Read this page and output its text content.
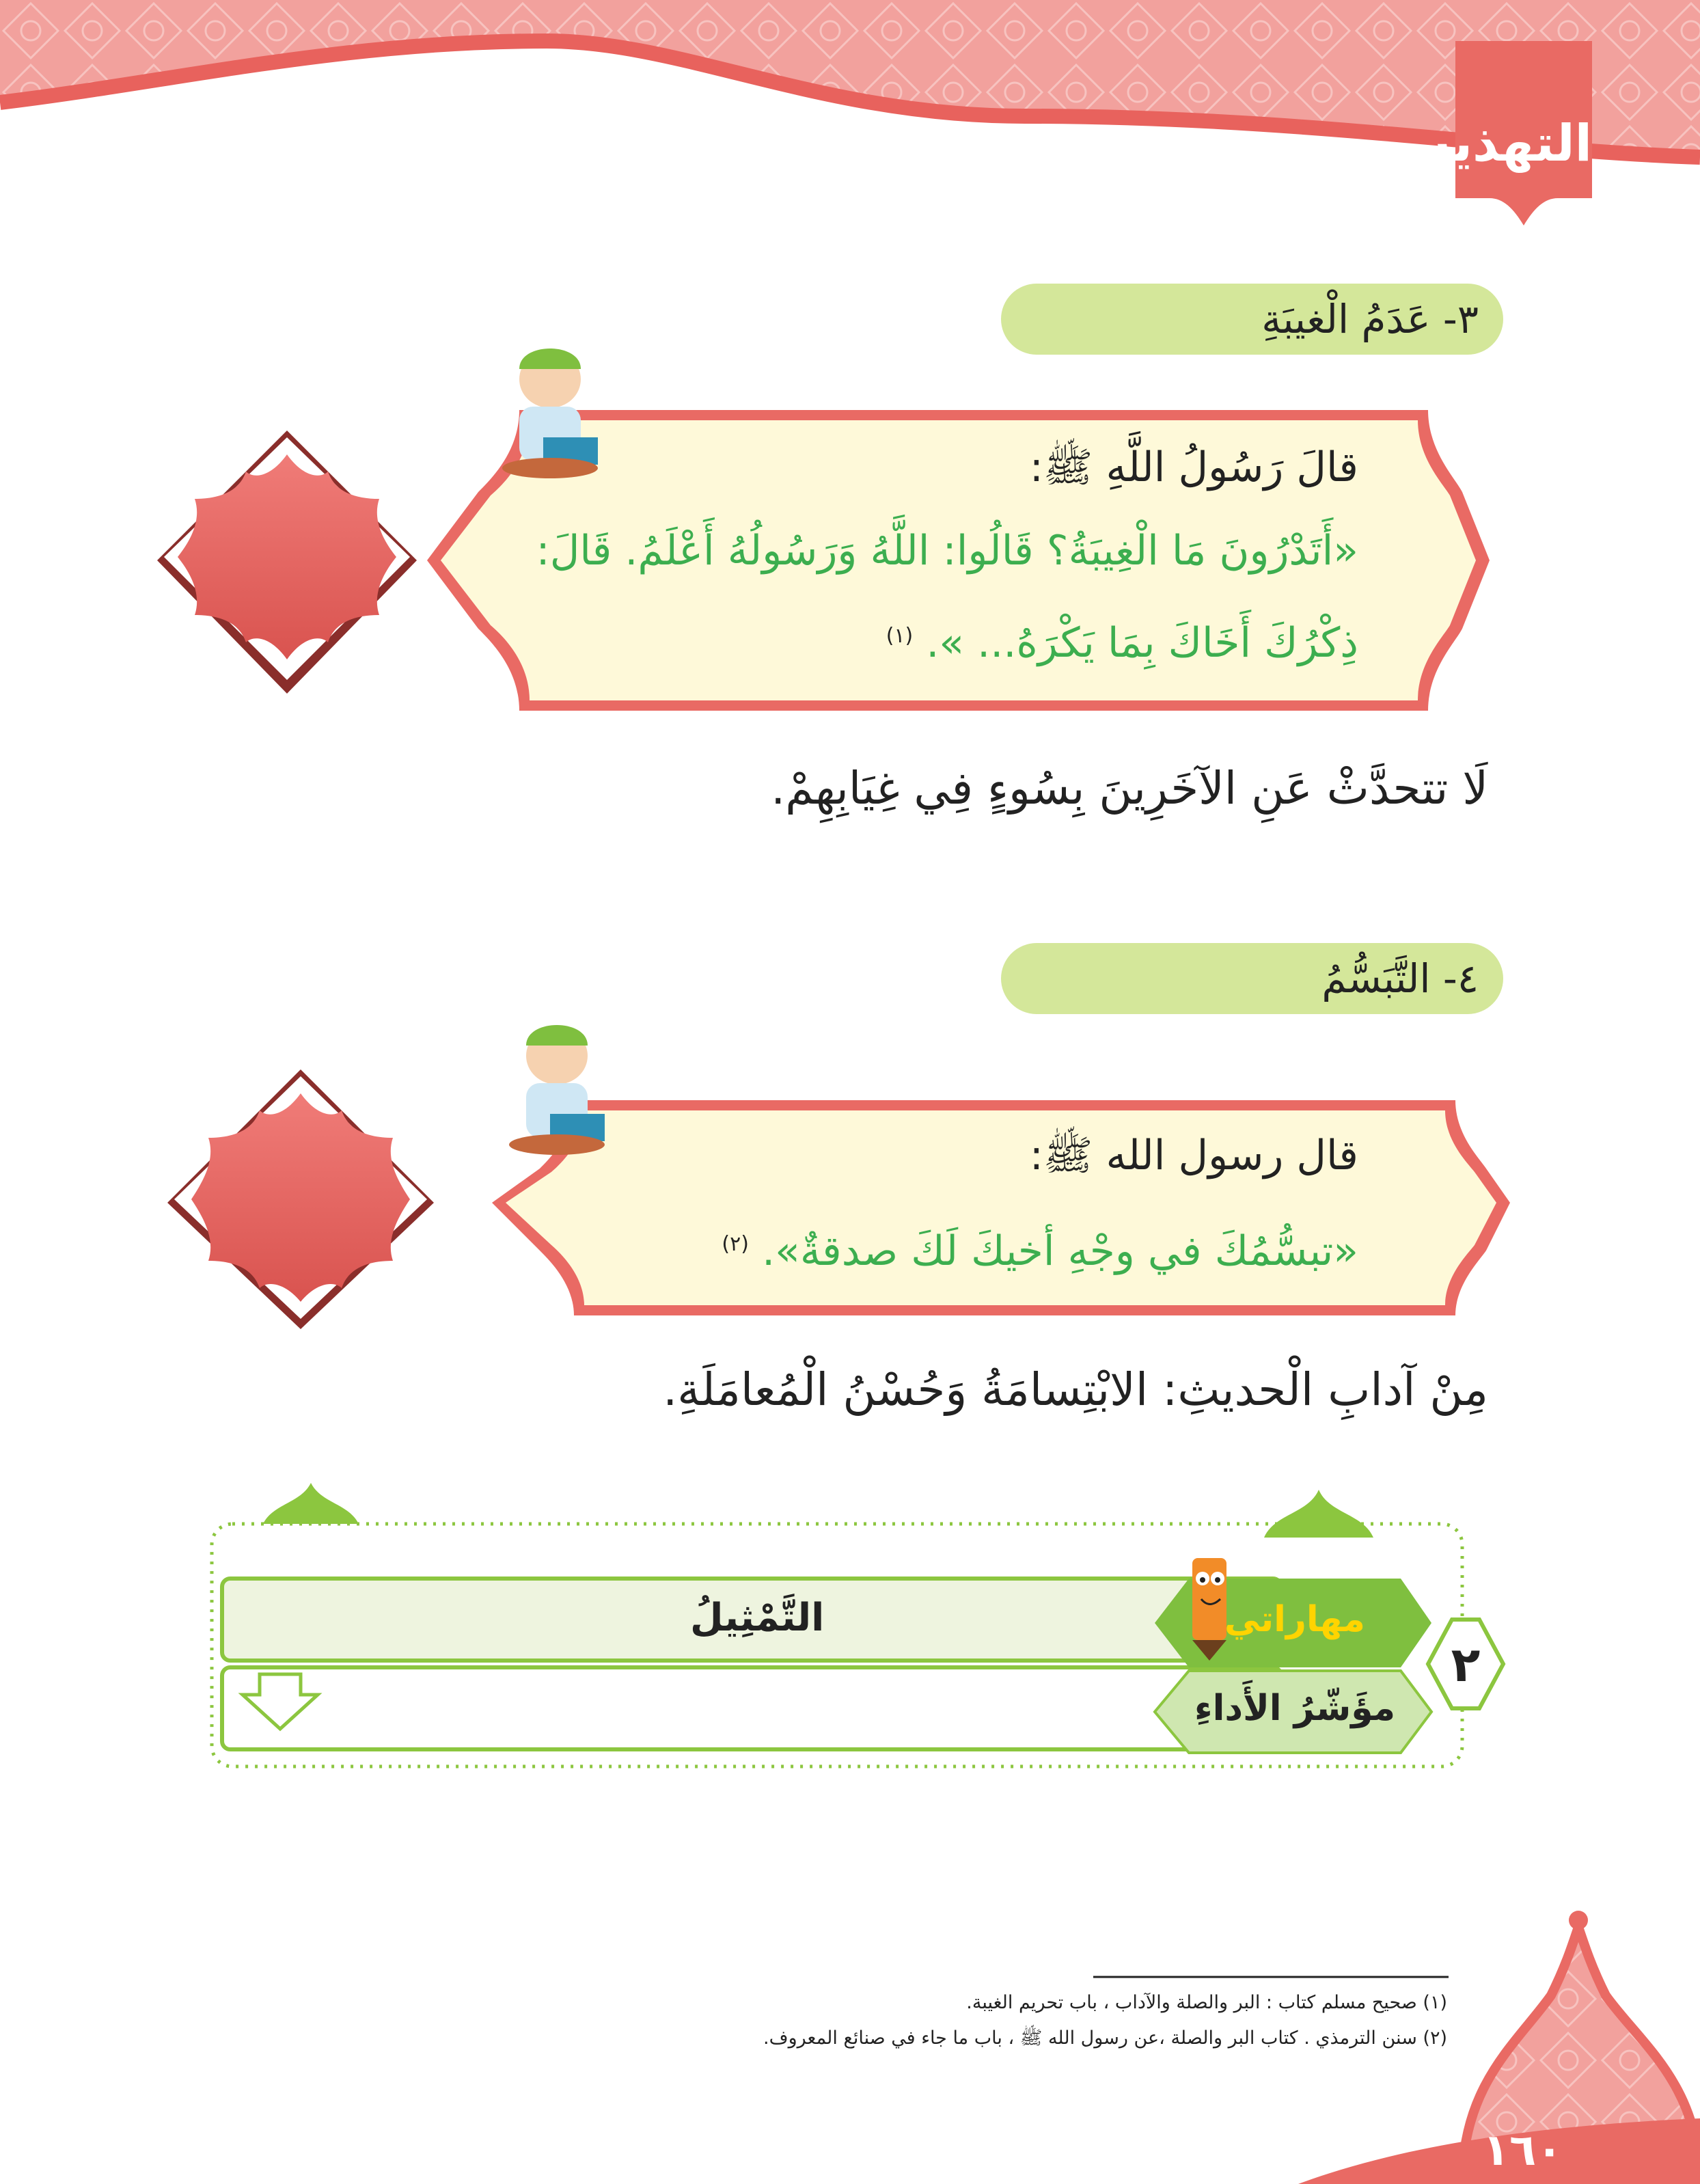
التهذيب
٣- عَدَمُ الْغيبَةِ
قالَ رَسُولُ اللَّهِ ﷺ:
«أَتَدْرُونَ مَا الْغِيبَةُ؟ قَالُوا: اللَّهُ وَرَسُولُهُ أَعْلَمُ. قَالَ:
ذِكْرُكَ أَخَاكَ بِمَا يَكْرَهُ... ». $^{(١)}$
لَا تتحدَّثْ عَنِ الآخَرِينَ بِسُوءٍ فِي غِيَابِهِمْ.
٤- التَّبَسُّمُ
قال رسول الله ﷺ:
«تبسُّمُكَ في وجْهِ أخيكَ لَكَ صدقةٌ». $^{(٢)}$
مِنْ آدابِ الْحديثِ: الابْتِسامَةُ وَحُسْنُ الْمُعامَلَةِ.
مهاراتي
مؤَشّرُ الأَداءِ
٢
التَّمْثِيلُ
(١) صحيح مسلم كتاب : البر والصلة والآداب ، باب تحريم الغيبة.
(٢) سنن الترمذي . كتاب البر والصلة ،عن رسول الله ﷺ ، باب ما جاء في صنائع المعروف.
١٦٠
